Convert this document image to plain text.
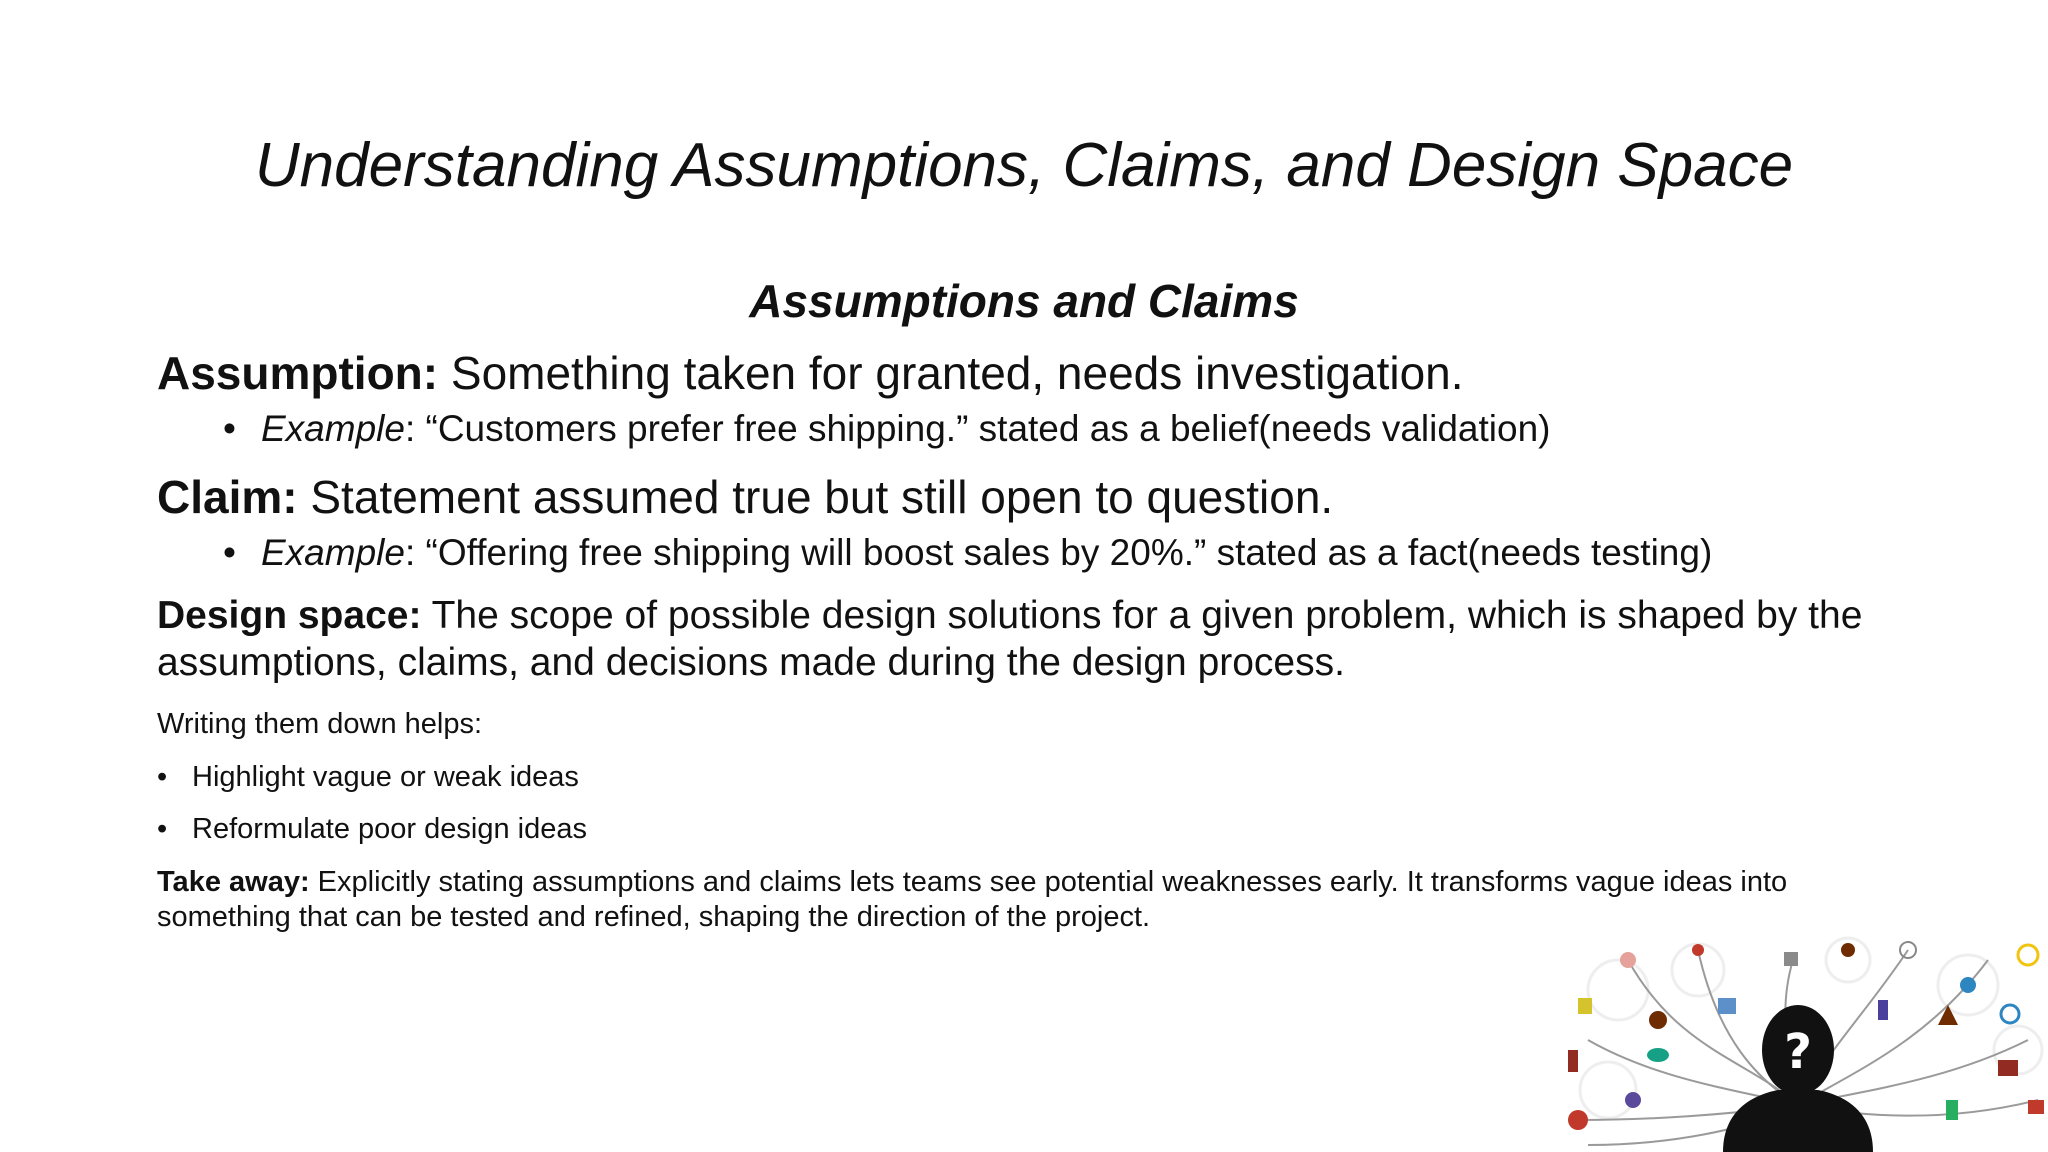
Understanding Assumptions, Claims, and Design Space
Assumptions and Claims

Assumption: Something taken for granted, needs investigation.

• Example: “Customers prefer free shipping.” stated as a belief(needs validation)

Claim: Statement assumed true but still open to question.

• Example: “Offering free shipping will boost sales by 20%.” stated as a fact(needs testing)

Design space: The scope of possible design solutions for a given problem, which is shaped by the assumptions, claims, and decisions made during the design process.

Writing them down helps:

• Highlight vague or weak ideas

• Reformulate poor design ideas

Take away: Explicitly stating assumptions and claims lets teams see potential weaknesses early. It transforms vague ideas into something that can be tested and refined, shaping the direction of the project.

?
